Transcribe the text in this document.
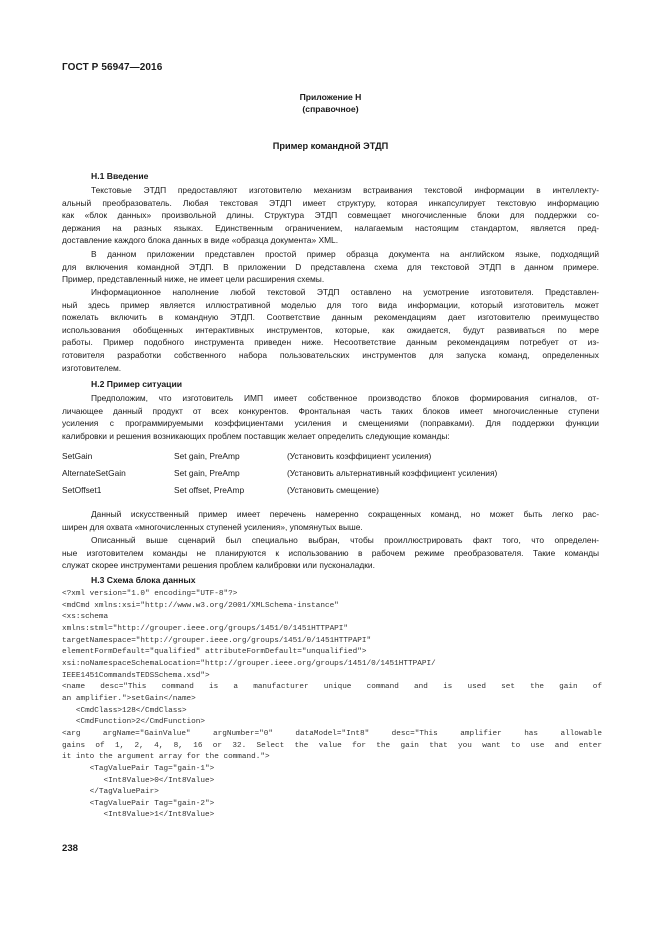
ГОСТ Р 56947—2016
Приложение Н
(справочное)
Пример командной ЭТДП
Н.1 Введение
Текстовые ЭТДП предоставляют изготовителю механизм встраивания текстовой информации в интеллекту-
альный преобразователь. Любая текстовая ЭТДП имеет структуру, которая инкапсулирует текстовую информацию
как «блок данных» произвольной длины. Структура ЭТДП совмещает многочисленные блоки для поддержки со-
держания на разных языках. Единственным ограничением, налагаемым настоящим стандартом, является пред-
доставление каждого блока данных в виде «образца документа» XML.
В данном приложении представлен простой пример образца документа на английском языке, подходящий
для включения командной ЭТДП. В приложении D представлена схема для текстовой ЭТДП в данном примере.
Пример, представленный ниже, не имеет цели расширения схемы.
Информационное наполнение любой текстовой ЭТДП оставлено на усмотрение изготовителя. Представлен-
ный здесь пример является иллюстративной моделью для того вида информации, который изготовитель может
пожелать включить в командную ЭТДП. Соответствие данным рекомендациям дает изготовителю преимущество
использования обобщенных интерактивных инструментов, которые, как ожидается, будут развиваться по мере
работы. Пример подобного инструмента приведен ниже. Несоответствие данным рекомендациям потребует от из-
готовителя разработки собственного набора пользовательских инструментов для запуска команд, определенных
изготовителем.
Н.2 Пример ситуации
Предположим, что изготовитель ИМП имеет собственное производство блоков формирования сигналов, от-
личающее данный продукт от всех конкурентов. Фронтальная часть таких блоков имеет многочисленные ступени
усиления с программируемыми коэффициентами усиления и смещениями (поправками). Для поддержки функции
калибровки и решения возникающих проблем поставщик желает определить следующие команды:
SetGain	Set gain, PreAmp	(Установить коэффициент усиления)
AlternateSetGain	Set gain, PreAmp	(Установить альтернативный коэффициент усиления)
SetOffset1	Set offset, PreAmp	(Установить смещение)
Данный искусственный пример имеет перечень намеренно сокращенных команд, но может быть легко рас-
ширен для охвата «многочисленных ступеней усиления», упомянутых выше.
Описанный выше сценарий был специально выбран, чтобы проиллюстрировать факт того, что определен-
ные изготовителем команды не планируются к использованию в рабочем режиме преобразователя. Такие команды
служат скорее инструментами решения проблем калибровки или пусконаладки.
Н.3 Схема блока данных
<?xml version="1.0" encoding="UTF-8"?>
<mdCmd xmlns:xsi="http://www.w3.org/2001/XMLSchema-instance"
<xs:schema
xmlns:stml="http://grouper.ieee.org/groups/1451/0/1451HTTPAPI"
targetNamespace="http://grouper.ieee.org/groups/1451/0/1451HTTPAPI"
elementFormDefault="qualified" attributeFormDefault="unqualified">
xsi:noNamespaceSchemaLocation="http://grouper.ieee.org/groups/1451/0/1451HTTPAPI/
IEEE1451CommandsTEDSSchema.xsd">
<name desc="This command is a manufacturer unique command and is used set the gain of
an amplifier.">setGain</name>
<CmdClass>128</CmdClass>
<CmdFunction>2</CmdFunction>
<arg argName="GainValue" argNumber="0" dataModel="Int8" desc="This amplifier has allowable
gains of 1, 2, 4, 8, 16 or 32. Select the value for the gain that you want to use and enter
it into the argument array for the command.">
<TagValuePair Tag="gain-1">
<Int8Value>0</Int8Value>
</TagValuePair>
<TagValuePair Tag="gain-2">
<Int8Value>1</Int8Value>
238
